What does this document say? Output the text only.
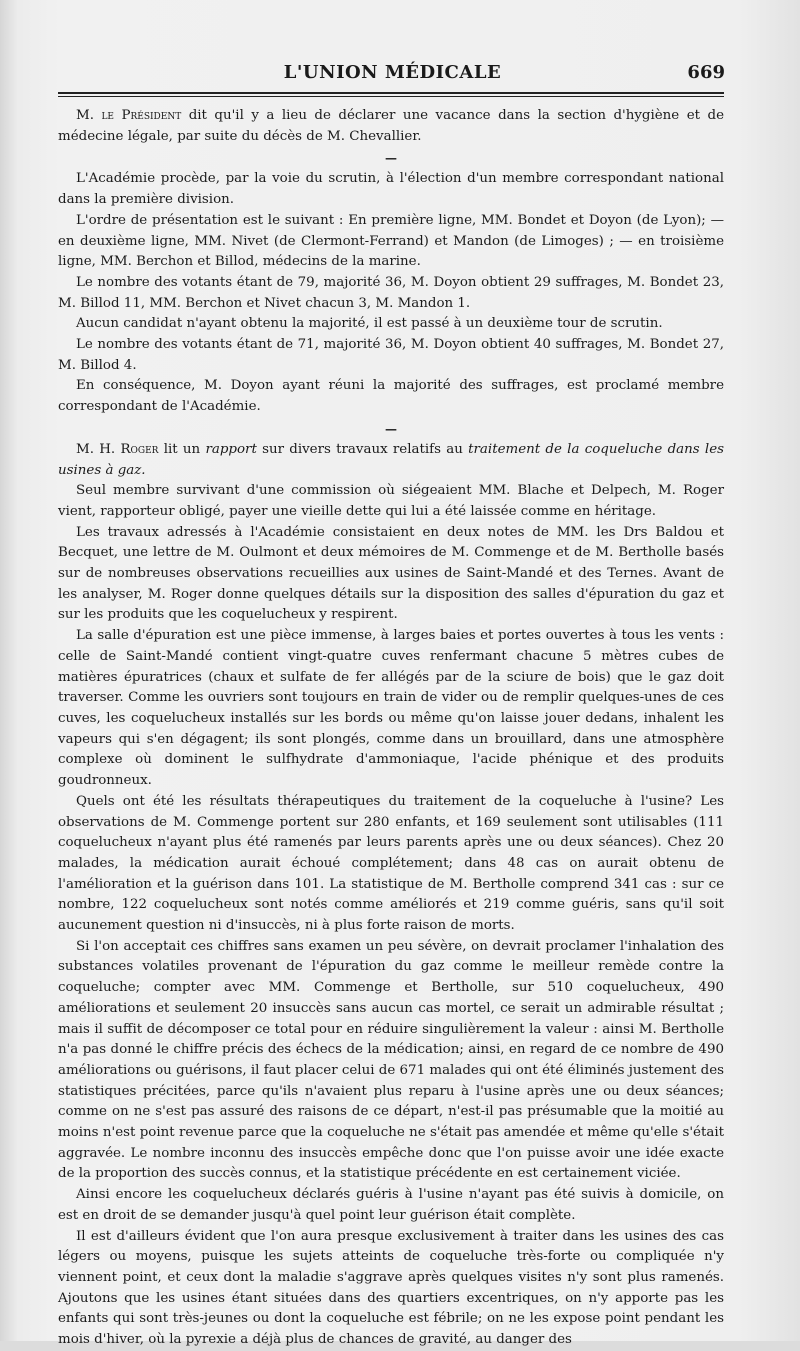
L'UNION MÉDICALE	669

M. le Président dit qu'il y a lieu de déclarer une vacance dans la section d'hygiène et de médecine légale, par suite du décès de M. Chevallier.

—

L'Académie procède, par la voie du scrutin, à l'élection d'un membre correspondant national dans la première division.

L'ordre de présentation est le suivant : En première ligne, MM. Bondet et Doyon (de Lyon); — en deuxième ligne, MM. Nivet (de Clermont-Ferrand) et Mandon (de Limoges) ; — en troisième ligne, MM. Berchon et Billod, médecins de la marine.

Le nombre des votants étant de 79, majorité 36, M. Doyon obtient 29 suffrages, M. Bondet 23, M. Billod 11, MM. Berchon et Nivet chacun 3, M. Mandon 1.

Aucun candidat n'ayant obtenu la majorité, il est passé à un deuxième tour de scrutin.

Le nombre des votants étant de 71, majorité 36, M. Doyon obtient 40 suffrages, M. Bondet 27, M. Billod 4.

En conséquence, M. Doyon ayant réuni la majorité des suffrages, est proclamé membre correspondant de l'Académie.

—

M. H. Roger lit un rapport sur divers travaux relatifs au traitement de la coqueluche dans les usines à gaz.

Seul membre survivant d'une commission où siégeaient MM. Blache et Delpech, M. Roger vient, rapporteur obligé, payer une vieille dette qui lui a été laissée comme en héritage.

Les travaux adressés à l'Académie consistaient en deux notes de MM. les Drs Baldou et Becquet, une lettre de M. Oulmont et deux mémoires de M. Commenge et de M. Bertholle basés sur de nombreuses observations recueillies aux usines de Saint-Mandé et des Ternes. Avant de les analyser, M. Roger donne quelques détails sur la disposition des salles d'épuration du gaz et sur les produits que les coquelucheux y respirent.

La salle d'épuration est une pièce immense, à larges baies et portes ouvertes à tous les vents : celle de Saint-Mandé contient vingt-quatre cuves renfermant chacune 5 mètres cubes de matières épuratrices (chaux et sulfate de fer allégés par de la sciure de bois) que le gaz doit traverser. Comme les ouvriers sont toujours en train de vider ou de remplir quelques-unes de ces cuves, les coquelucheux installés sur les bords ou même qu'on laisse jouer dedans, inhalent les vapeurs qui s'en dégagent; ils sont plongés, comme dans un brouillard, dans une atmosphère complexe où dominent le sulfhydrate d'ammoniaque, l'acide phénique et des produits goudronneux.

Quels ont été les résultats thérapeutiques du traitement de la coqueluche à l'usine? Les observations de M. Commenge portent sur 280 enfants, et 169 seulement sont utilisables (111 coquelucheux n'ayant plus été ramenés par leurs parents après une ou deux séances). Chez 20 malades, la médication aurait échoué complétement; dans 48 cas on aurait obtenu de l'amélioration et la guérison dans 101. La statistique de M. Bertholle comprend 341 cas : sur ce nombre, 122 coquelucheux sont notés comme améliorés et 219 comme guéris, sans qu'il soit aucunement question ni d'insuccès, ni à plus forte raison de morts.

Si l'on acceptait ces chiffres sans examen un peu sévère, on devrait proclamer l'inhalation des substances volatiles provenant de l'épuration du gaz comme le meilleur remède contre la coqueluche; compter avec MM. Commenge et Bertholle, sur 510 coquelucheux, 490 améliorations et seulement 20 insuccès sans aucun cas mortel, ce serait un admirable résultat ; mais il suffit de décomposer ce total pour en réduire singulièrement la valeur : ainsi M. Bertholle n'a pas donné le chiffre précis des échecs de la médication; ainsi, en regard de ce nombre de 490 améliorations ou guérisons, il faut placer celui de 671 malades qui ont été éliminés justement des statistiques précitées, parce qu'ils n'avaient plus reparu à l'usine après une ou deux séances; comme on ne s'est pas assuré des raisons de ce départ, n'est-il pas présumable que la moitié au moins n'est point revenue parce que la coqueluche ne s'était pas amendée et même qu'elle s'était aggravée. Le nombre inconnu des insuccès empêche donc que l'on puisse avoir une idée exacte de la proportion des succès connus, et la statistique précédente en est certainement viciée.

Ainsi encore les coquelucheux déclarés guéris à l'usine n'ayant pas été suivis à domicile, on est en droit de se demander jusqu'à quel point leur guérison était complète.

Il est d'ailleurs évident que l'on aura presque exclusivement à traiter dans les usines des cas légers ou moyens, puisque les sujets atteints de coqueluche très-forte ou compliquée n'y viennent point, et ceux dont la maladie s'aggrave après quelques visites n'y sont plus ramenés. Ajoutons que les usines étant situées dans des quartiers excentriques, on n'y apporte pas les enfants qui sont très-jeunes ou dont la coqueluche est fébrile; on ne les expose point pendant les mois d'hiver, où la pyrexie a déjà plus de chances de gravité, au danger des
